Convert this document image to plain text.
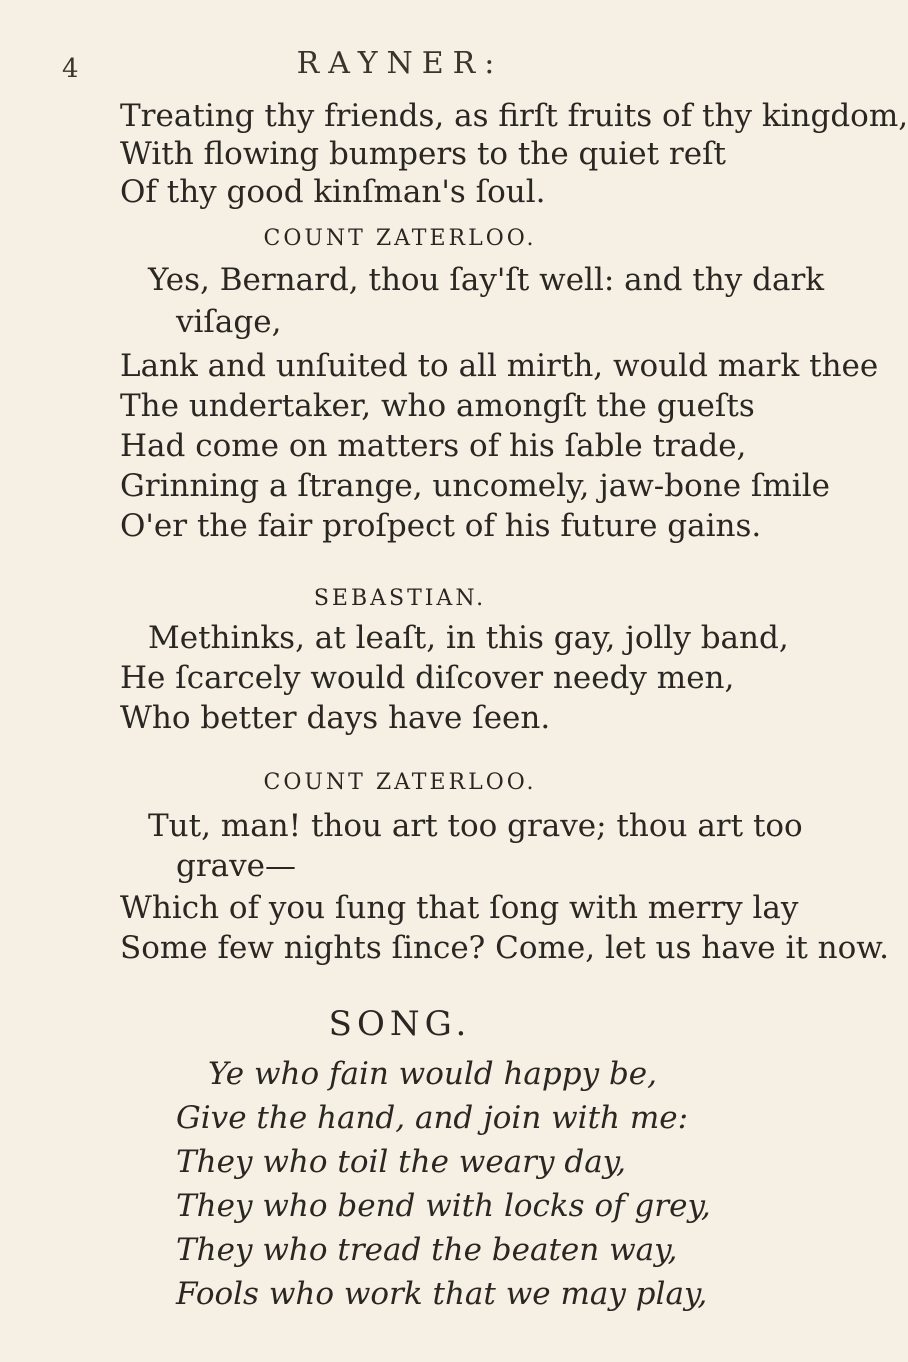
4	RAYNER:
Treating thy friends, as firſt fruits of thy kingdom,
With flowing bumpers to the quiet reſt
Of thy good kinſman's ſoul.
COUNT ZATERLOO.
Yes, Bernard, thou ſay'ſt well: and thy dark
viſage,
Lank and unſuited to all mirth, would mark thee
The undertaker, who amongſt the gueſts
Had come on matters of his ſable trade,
Grinning a ſtrange, uncomely, jaw-bone ſmile
O'er the fair proſpect of his future gains.
SEBASTIAN.
Methinks, at leaſt, in this gay, jolly band,
He ſcarcely would diſcover needy men,
Who better days have ſeen.
COUNT ZATERLOO.
Tut, man! thou art too grave; thou art too
grave—
Which of you ſung that ſong with merry lay
Some few nights ſince? Come, let us have it now.
SONG.
Ye who fain would happy be,
Give the hand, and join with me:
They who toil the weary day,
They who bend with locks of grey,
They who tread the beaten way,
Fools who work that we may play,
